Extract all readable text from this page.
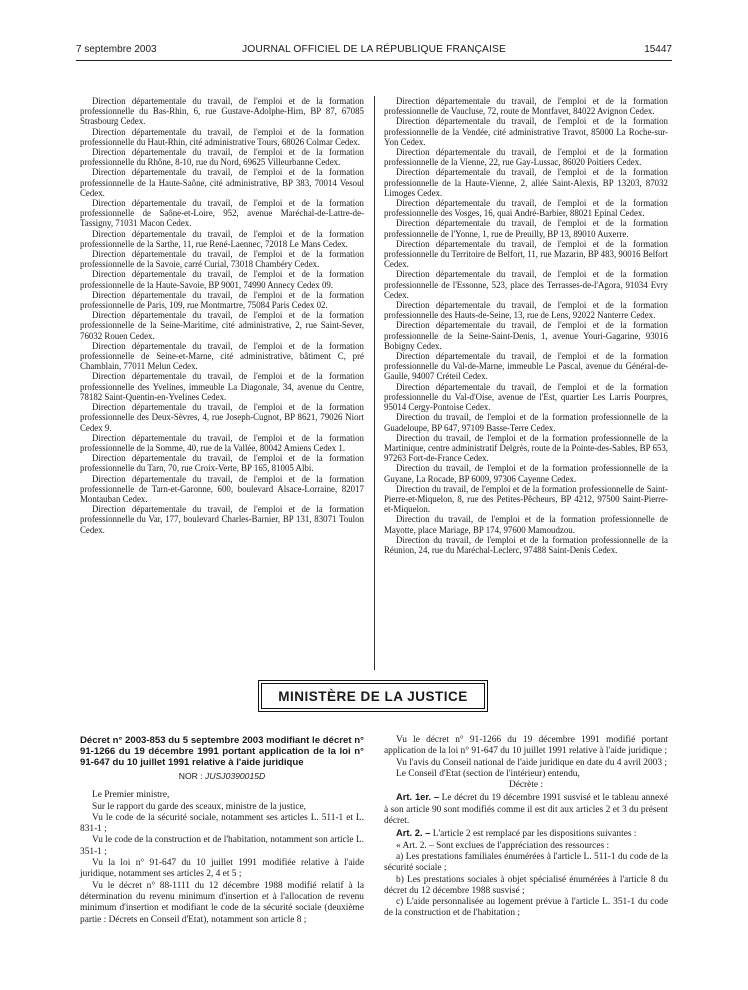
7 septembre 2003	JOURNAL OFFICIEL DE LA RÉPUBLIQUE FRANÇAISE	15447

Direction départementale du travail, de l'emploi et de la formation professionnelle du Bas-Rhin, 6, rue Gustave-Adolphe-Hirn, BP 87, 67085 Strasbourg Cedex.

Direction départementale du travail, de l'emploi et de la formation professionnelle du Haut-Rhin, cité administrative Tours, 68026 Colmar Cedex.

Direction départementale du travail, de l'emploi et de la formation professionnelle du Rhône, 8-10, rue du Nord, 69625 Villeurbanne Cedex.

Direction départementale du travail, de l'emploi et de la formation professionnelle de la Haute-Saône, cité administrative, BP 383, 70014 Vesoul Cedex.

Direction départementale du travail, de l'emploi et de la formation professionnelle de Saône-et-Loire, 952, avenue Maréchal-de-Lattre-de-Tassigny, 71031 Macon Cedex.

Direction départementale du travail, de l'emploi et de la formation professionnelle de la Sarthe, 11, rue René-Laennec, 72018 Le Mans Cedex.

Direction départementale du travail, de l'emploi et de la formation professionnelle de la Savoie, carré Curial, 73018 Chambéry Cedex.

Direction départementale du travail, de l'emploi et de la formation professionnelle de la Haute-Savoie, BP 9001, 74990 Annecy Cedex 09.

Direction départementale du travail, de l'emploi et de la formation professionnelle de Paris, 109, rue Montmartre, 75084 Paris Cedex 02.

Direction départementale du travail, de l'emploi et de la formation professionnelle de la Seine-Maritime, cité administrative, 2, rue Saint-Sever, 76032 Rouen Cedex.

Direction départementale du travail, de l'emploi et de la formation professionnelle de Seine-et-Marne, cité administrative, bâtiment C, pré Chamblain, 77011 Melun Cedex.

Direction départementale du travail, de l'emploi et de la formation professionnelle des Yvelines, immeuble La Diagonale, 34, avenue du Centre, 78182 Saint-Quentin-en-Yvelines Cedex.

Direction départementale du travail, de l'emploi et de la formation professionnelle des Deux-Sèvres, 4, rue Joseph-Cugnot, BP 8621, 79026 Niort Cedex 9.

Direction départementale du travail, de l'emploi et de la formation professionnelle de la Somme, 40, rue de la Vallée, 80042 Amiens Cedex 1.

Direction départementale du travail, de l'emploi et de la formation professionnelle du Tarn, 70, rue Croix-Verte, BP 165, 81005 Albi.

Direction départementale du travail, de l'emploi et de la formation professionnelle de Tarn-et-Garonne, 600, boulevard Alsace-Lorraine, 82017 Montauban Cedex.

Direction départementale du travail, de l'emploi et de la formation professionnelle du Var, 177, boulevard Charles-Barnier, BP 131, 83071 Toulon Cedex.

Direction départementale du travail, de l'emploi et de la formation professionnelle de Vaucluse, 72, route de Montfavet, 84022 Avignon Cedex.

Direction départementale du travail, de l'emploi et de la formation professionnelle de la Vendée, cité administrative Travot, 85000 La Roche-sur-Yon Cedex.

Direction départementale du travail, de l'emploi et de la formation professionnelle de la Vienne, 22, rue Gay-Lussac, 86020 Poitiers Cedex.

Direction départementale du travail, de l'emploi et de la formation professionnelle de la Haute-Vienne, 2, allée Saint-Alexis, BP 13203, 87032 Limoges Cedex.

Direction départementale du travail, de l'emploi et de la formation professionnelle des Vosges, 16, quai André-Barbier, 88021 Epinal Cedex.

Direction départementale du travail, de l'emploi et de la formation professionnelle de l'Yonne, 1, rue de Preuilly, BP 13, 89010 Auxerre.

Direction départementale du travail, de l'emploi et de la formation professionnelle du Territoire de Belfort, 11, rue Mazarin, BP 483, 90016 Belfort Cedex.

Direction départementale du travail, de l'emploi et de la formation professionnelle de l'Essonne, 523, place des Terrasses-de-l'Agora, 91034 Evry Cedex.

Direction départementale du travail, de l'emploi et de la formation professionnelle des Hauts-de-Seine, 13, rue de Lens, 92022 Nanterre Cedex.

Direction départementale du travail, de l'emploi et de la formation professionnelle de la Seine-Saint-Denis, 1, avenue Youri-Gagarine, 93016 Bobigny Cedex.

Direction départementale du travail, de l'emploi et de la formation professionnelle du Val-de-Marne, immeuble Le Pascal, avenue du Général-de-Gaulle, 94007 Créteil Cedex.

Direction départementale du travail, de l'emploi et de la formation professionnelle du Val-d'Oise, avenue de l'Est, quartier Les Larris Pourpres, 95014 Cergy-Pontoise Cedex.

Direction du travail, de l'emploi et de la formation professionnelle de la Guadeloupe, BP 647, 97109 Basse-Terre Cedex.

Direction du travail, de l'emploi et de la formation professionnelle de la Martinique, centre administratif Delgrès, route de la Pointe-des-Sables, BP 653, 97263 Fort-de-France Cedex.

Direction du travail, de l'emploi et de la formation professionnelle de la Guyane, La Rocade, BP 6009, 97306 Cayenne Cedex.

Direction du travail, de l'emploi et de la formation professionnelle de Saint-Pierre-et-Miquelon, 8, rue des Petites-Pêcheurs, BP 4212, 97500 Saint-Pierre-et-Miquelon.

Direction du travail, de l'emploi et de la formation professionnelle de Mayotte, place Mariage, BP 174, 97600 Mamoudzou.

Direction du travail, de l'emploi et de la formation professionnelle de la Réunion, 24, rue du Maréchal-Leclerc, 97488 Saint-Denis Cedex.

MINISTÈRE DE LA JUSTICE
Décret n° 2003-853 du 5 septembre 2003 modifiant le décret n° 91-1266 du 19 décembre 1991 portant application de la loi n° 91-647 du 10 juillet 1991 relative à l'aide juridique
NOR : JUSJ0390015D

Le Premier ministre,

Sur le rapport du garde des sceaux, ministre de la justice,

Vu le code de la sécurité sociale, notamment ses articles L. 511-1 et L. 831-1 ;

Vu le code de la construction et de l'habitation, notamment son article L. 351-1 ;

Vu la loi n° 91-647 du 10 juillet 1991 modifiée relative à l'aide juridique, notamment ses articles 2, 4 et 5 ;

Vu le décret n° 88-1111 du 12 décembre 1988 modifié relatif à la détermination du revenu minimum d'insertion et à l'allocation de revenu minimum d'insertion et modifiant le code de la sécurité sociale (deuxième partie : Décrets en Conseil d'Etat), notamment son article 8 ;

Vu le décret n° 91-1266 du 19 décembre 1991 modifié portant application de la loi n° 91-647 du 10 juillet 1991 relative à l'aide juridique ;

Vu l'avis du Conseil national de l'aide juridique en date du 4 avril 2003 ;

Le Conseil d'Etat (section de l'intérieur) entendu,

Décrète :

Art. 1er. – Le décret du 19 décembre 1991 susvisé et le tableau annexé à son article 90 sont modifiés comme il est dit aux articles 2 et 3 du présent décret.

Art. 2. – L'article 2 est remplacé par les dispositions suivantes :

« Art. 2. – Sont exclues de l'appréciation des ressources :

a) Les prestations familiales énumérées à l'article L. 511-1 du code de la sécurité sociale ;

b) Les prestations sociales à objet spécialisé énumérées à l'article 8 du décret du 12 décembre 1988 susvisé ;

c) L'aide personnalisée au logement prévue à l'article L. 351-1 du code de la construction et de l'habitation ;
